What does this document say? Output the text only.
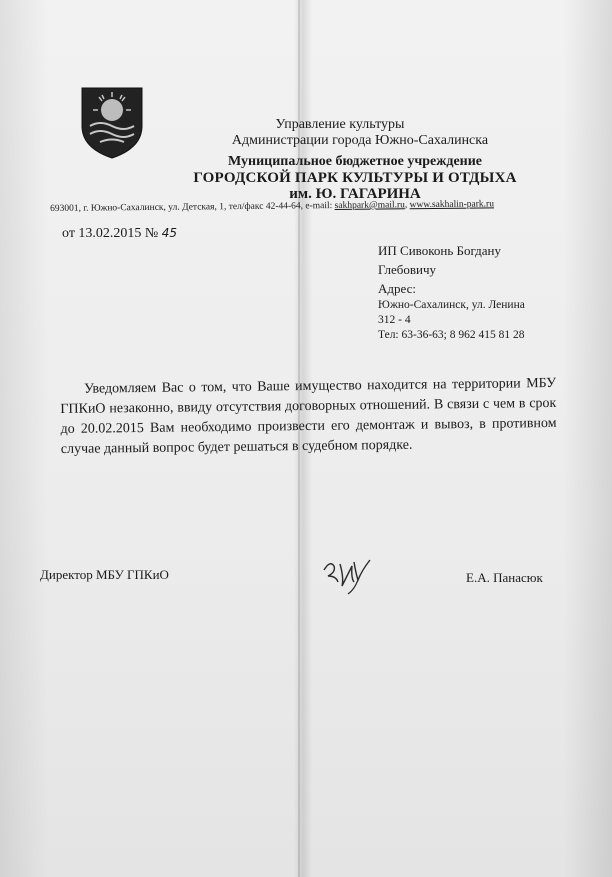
Управление культуры
Администрации города Южно-Сахалинска
Муниципальное бюджетное учреждение
ГОРОДСКОЙ ПАРК КУЛЬТУРЫ И ОТДЫХА
им. Ю. ГАГАРИНА
693001, г. Южно-Сахалинск, ул. Детская, 1, тел/факс 42-44-64, e-mail: sakhpark@mail.ru, www.sakhalin-park.ru
от 13.02.2015 № 45
ИП Сивоконь Богдану
Глебовичу
Адрес:
Южно-Сахалинск, ул. Ленина
312 - 4
Тел: 63-36-63; 8 962 415 81 28
Уведомляем Вас о том, что Ваше имущество находится на территории МБУ ГПКиО незаконно, ввиду отсутствия договорных отношений. В связи с чем в срок до 20.02.2015 Вам необходимо произвести его демонтаж и вывоз, в противном случае данный вопрос будет решаться в судебном порядке.
Директор МБУ ГПКиО	Е.А. Панасюк
